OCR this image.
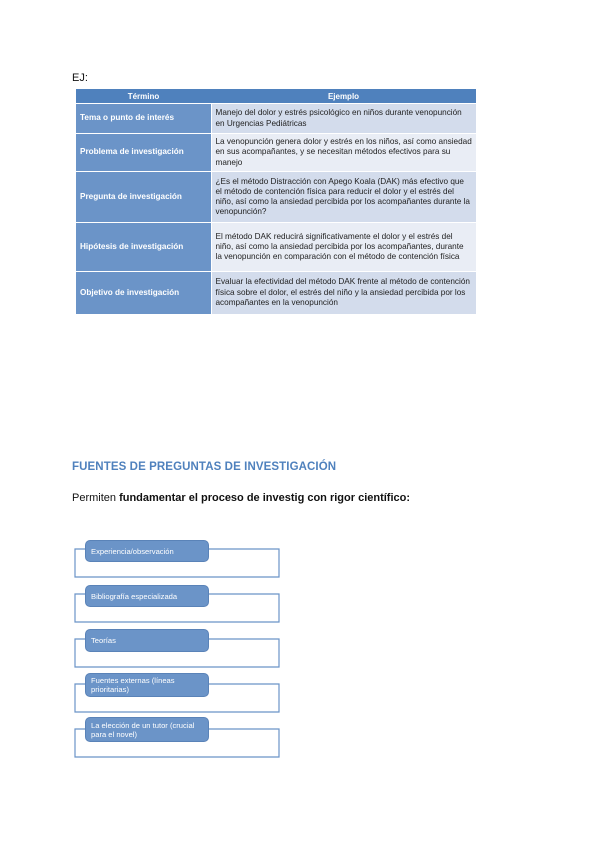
EJ:
Término	Ejemplo
Tema o punto de interés	Manejo del dolor y estrés psicológico en niños durante venopunción en Urgencias Pediátricas
Problema de investigación	La venopunción genera dolor y estrés en los niños, así como ansiedad en sus acompañantes, y se necesitan métodos efectivos para su manejo
Pregunta de investigación	¿Es el método Distracción con Apego Koala (DAK) más efectivo que el método de contención física para reducir el dolor y el estrés del niño, así como la ansiedad percibida por los acompañantes durante la venopunción?
Hipótesis de investigación	El método DAK reducirá significativamente el dolor y el estrés del niño, así como la ansiedad percibida por los acompañantes, durante la venopunción en comparación con el método de contención física
Objetivo de investigación	Evaluar la efectividad del método DAK frente al método de contención física sobre el dolor, el estrés del niño y la ansiedad percibida por los acompañantes en la venopunción
FUENTES DE PREGUNTAS DE INVESTIGACIÓN
Permiten fundamentar el proceso de investig con rigor científico:
Experiencia/observación
Bibliografía especializada
Teorías
Fuentes externas (líneas prioritarias)
La elección de un tutor (crucial para el novel)
